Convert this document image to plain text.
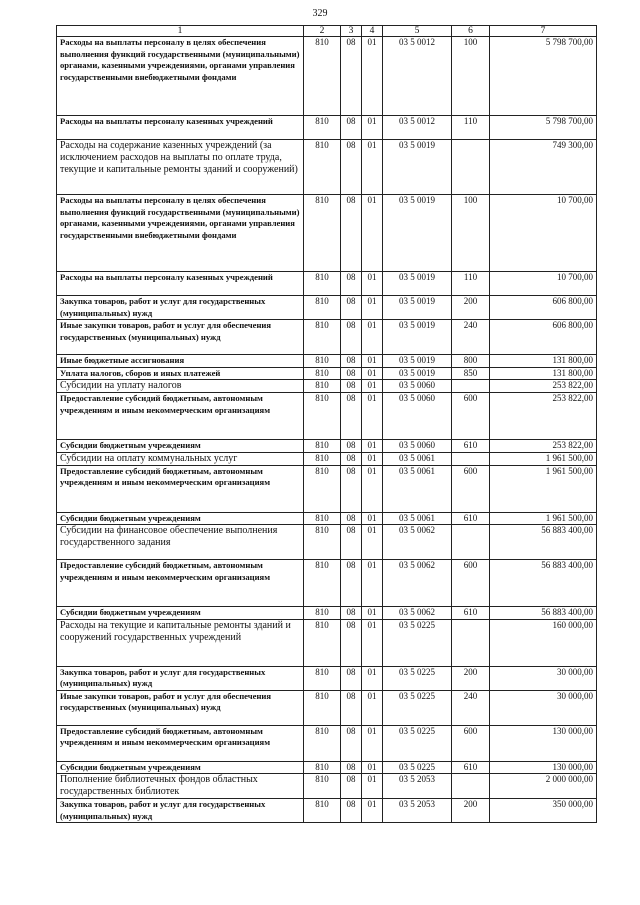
329
1	2	3	4	5	6	7
Расходы на выплаты персоналу в целях обеспечения выполнения функций государственными (муниципальными) органами, казенными учреждениями, органами управления государственными внебюджетными фондами	810	08	01	03 5 0012	100	5 798 700,00
Расходы на выплаты персоналу казенных учреждений	810	08	01	03 5 0012	110	5 798 700,00
Расходы на содержание казенных учреждений (за исключением расходов на выплаты по оплате труда, текущие и капитальные ремонты зданий и сооружений)	810	08	01	03 5 0019		749 300,00
Расходы на выплаты персоналу в целях обеспечения выполнения функций государственными (муниципальными) органами, казенными учреждениями, органами управления государственными внебюджетными фондами	810	08	01	03 5 0019	100	10 700,00
Расходы на выплаты персоналу казенных учреждений	810	08	01	03 5 0019	110	10 700,00
Закупка товаров, работ и услуг для государственных (муниципальных) нужд	810	08	01	03 5 0019	200	606 800,00
Иные закупки товаров, работ и услуг для обеспечения государственных (муниципальных) нужд	810	08	01	03 5 0019	240	606 800,00
Иные бюджетные ассигнования	810	08	01	03 5 0019	800	131 800,00
Уплата налогов, сборов и иных платежей	810	08	01	03 5 0019	850	131 800,00
Субсидии на уплату налогов	810	08	01	03 5 0060		253 822,00
Предоставление субсидий бюджетным, автономным учреждениям и иным некоммерческим организациям	810	08	01	03 5 0060	600	253 822,00
Субсидии бюджетным учреждениям	810	08	01	03 5 0060	610	253 822,00
Субсидии на оплату коммунальных услуг	810	08	01	03 5 0061		1 961 500,00
Предоставление субсидий бюджетным, автономным учреждениям и иным некоммерческим организациям	810	08	01	03 5 0061	600	1 961 500,00
Субсидии бюджетным учреждениям	810	08	01	03 5 0061	610	1 961 500,00
Субсидии на финансовое обеспечение выполнения государственного задания	810	08	01	03 5 0062		56 883 400,00
Предоставление субсидий бюджетным, автономным учреждениям и иным некоммерческим организациям	810	08	01	03 5 0062	600	56 883 400,00
Субсидии бюджетным учреждениям	810	08	01	03 5 0062	610	56 883 400,00
Расходы на текущие и капитальные ремонты зданий и сооружений государственных учреждений	810	08	01	03 5 0225		160 000,00
Закупка товаров, работ и услуг для государственных (муниципальных) нужд	810	08	01	03 5 0225	200	30 000,00
Иные закупки товаров, работ и услуг для обеспечения государственных (муниципальных) нужд	810	08	01	03 5 0225	240	30 000,00
Предоставление субсидий бюджетным, автономным учреждениям и иным некоммерческим организациям	810	08	01	03 5 0225	600	130 000,00
Субсидии бюджетным учреждениям	810	08	01	03 5 0225	610	130 000,00
Пополнение библиотечных фондов областных государственных библиотек	810	08	01	03 5 2053		2 000 000,00
Закупка товаров, работ и услуг для государственных (муниципальных) нужд	810	08	01	03 5 2053	200	350 000,00
